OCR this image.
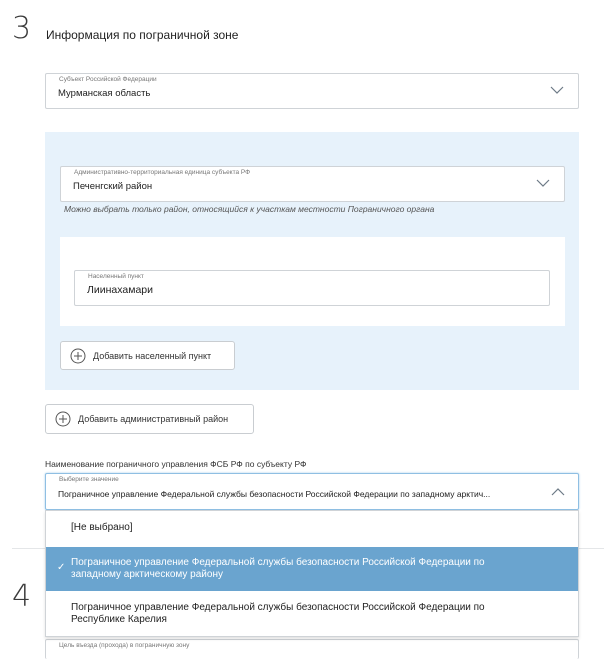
3 Информация по пограничной зоне
Субъект Российской Федерации
Мурманская область
Административно-территориальная единица субъекта РФ
Печенгский район
Можно выбрать только район, относящийся к участкам местности Пограничного органа
Населенный пункт
Лиинахамари
Добавить населенный пункт
Добавить административный район
Наименование пограничного управления ФСБ РФ по субъекту РФ
4
Цель въезда (прохода) в пограничную зону
Выберите значение
Пограничное управление Федеральной службы безопасности Российской Федерации по западному арктич...
[Не выбрано]
✓ Пограничное управление Федеральной службы безопасности Российской Федерации по
западному арктическому району
Пограничное управление Федеральной службы безопасности Российской Федерации по
Республике Карелия
